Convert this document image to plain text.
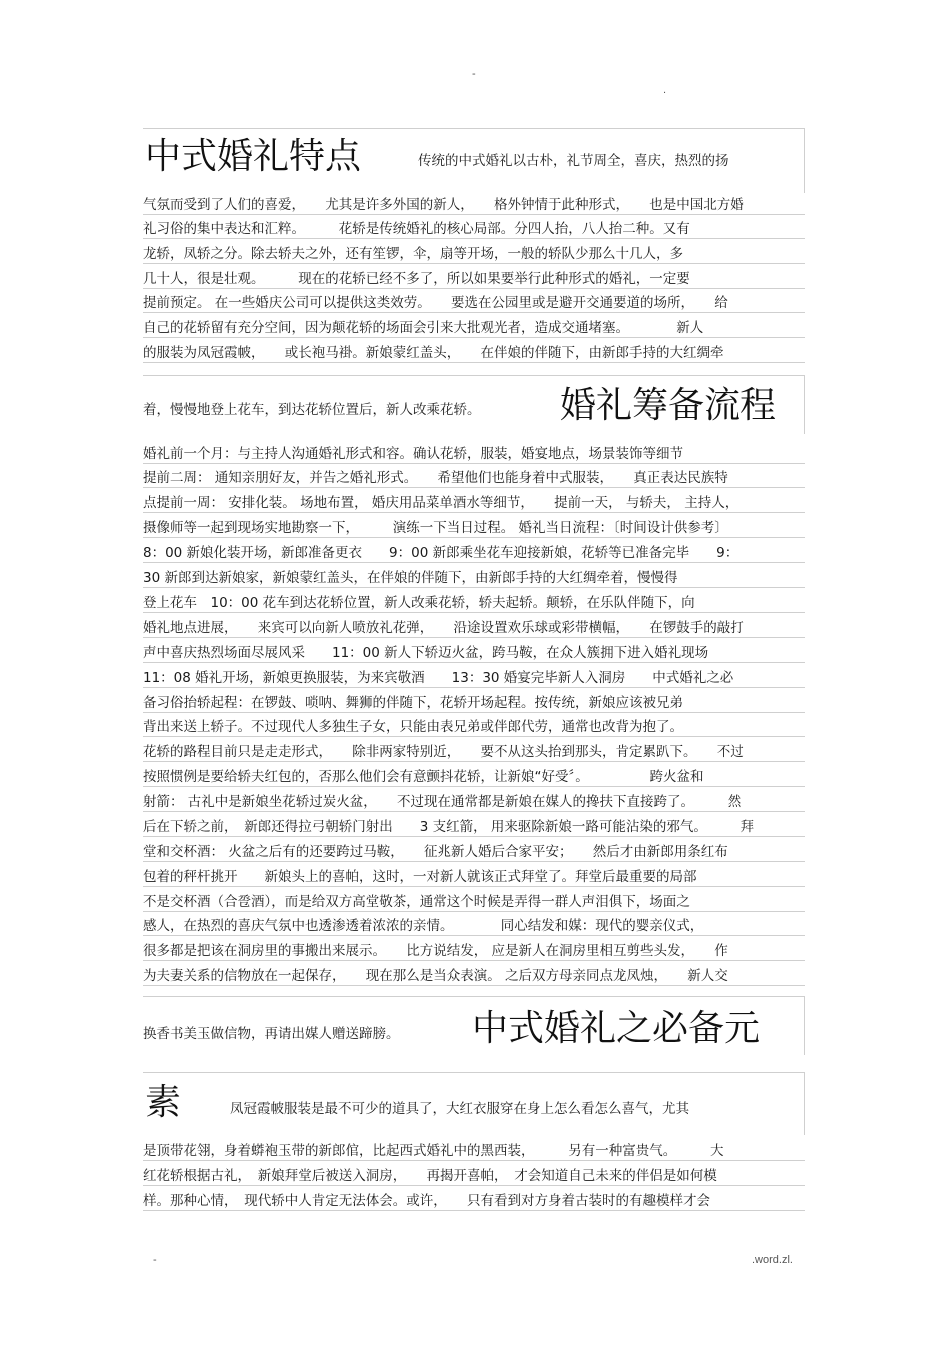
-
.
中式婚礼特点	传统的中式婚礼以古朴，礼节周全，喜庆，热烈的扬
气氛而受到了人们的喜爱，　　尤其是许多外国的新人，　　格外钟情于此种形式，　　也是中国北方婚
礼习俗的集中表达和汇粹。　　　花轿是传统婚礼的核心局部。分四人抬，八人抬二种。又有
龙轿，凤轿之分。除去轿夫之外，还有笙锣，伞，扇等开场，一般的轿队少那么十几人，多
几十人，很是壮观。　　　现在的花轿已经不多了，所以如果要举行此种形式的婚礼，一定要
提前预定。 在一些婚庆公司可以提供这类效劳。　　要选在公园里或是避开交通要道的场所，　　给
自己的花轿留有充分空间，因为颠花轿的场面会引来大批观光者，造成交通堵塞。　　　　新人
的服装为凤冠霞帔，　　或长袍马褂。新娘蒙红盖头，　　在伴娘的伴随下，由新郎手持的大红绸牵
着，慢慢地登上花车，到达花轿位置后，新人改乘花轿。	婚礼筹备流程
婚礼前一个月：与主持人沟通婚礼形式和容。确认花轿，服装，婚宴地点，场景装饰等细节
提前二周： 通知亲朋好友，并告之婚礼形式。　　希望他们也能身着中式服装，　　真正表达民族特
点提前一周： 安排化装。 场地布置， 婚庆用品菜单酒水等细节，　　提前一天， 与轿夫， 主持人，
摄像师等一起到现场实地勘察一下，　　　演练一下当日过程。 婚礼当日流程：〔时间设计供参考〕
8：00 新娘化装开场，新郎准备更衣　　9：00 新郎乘坐花车迎接新娘，花轿等已准备完毕　　9：
30 新郎到达新娘家，新娘蒙红盖头，在伴娘的伴随下，由新郎手持的大红绸牵着，慢慢得
登上花车　10：00 花车到达花轿位置，新人改乘花轿，轿夫起轿。颠轿，在乐队伴随下，向
婚礼地点进展，　　来宾可以向新人喷放礼花弹，　　沿途设置欢乐球或彩带横幅，　　在锣鼓手的敲打
声中喜庆热烈场面尽展风采　　11：00 新人下轿迈火盆，跨马鞍，在众人簇拥下进入婚礼现场
11：08 婚礼开场，新娘更换服装，为来宾敬酒　　13：30 婚宴完毕新人入洞房　　中式婚礼之必
备习俗抬轿起程：在锣鼓、唢呐、舞狮的伴随下，花轿开场起程。按传统，新娘应该被兄弟
背出来送上轿子。不过现代人多独生子女，只能由表兄弟或伴郎代劳，通常也改背为抱了。
花轿的路程目前只是走走形式，　　除非两家特别近，　　要不从这头抬到那头，肯定累趴下。　　不过
按照惯例是要给轿夫红包的，否那么他们会有意颤抖花轿，让新娘“好受〞。　　　　　跨火盆和
射箭： 古礼中是新娘坐花轿过炭火盆，　　不过现在通常都是新娘在媒人的搀扶下直接跨了。　　　然
后在下轿之前，　新郎还得拉弓朝轿门射出　　3 支红箭， 用来驱除新娘一路可能沾染的邪气。　　　拜
堂和交杯酒： 火盆之后有的还要跨过马鞍，　　征兆新人婚后合家平安；　　然后才由新郎用条红布
包着的秤杆挑开　　新娘头上的喜帕，这时，一对新人就该正式拜堂了。拜堂后最重要的局部
不是交杯酒（合卺酒），而是给双方高堂敬茶，通常这个时候是弄得一群人声泪俱下，场面之
感人，在热烈的喜庆气氛中也透渗透着浓浓的亲情。　　　　同心结发和媒：现代的婴亲仪式，
很多都是把该在洞房里的事搬出来展示。　　比方说结发， 应是新人在洞房里相互剪些头发，　　作
为夫妻关系的信物放在一起保存，　　现在那么是当众表演。 之后双方母亲同点龙凤烛，　　新人交
换香书美玉做信物，再请出媒人赠送蹄膀。	中式婚礼之必备元
素	凤冠霞帔服装是最不可少的道具了，大红衣服穿在身上怎么看怎么喜气，尤其
是顶带花翎，身着蟒袍玉带的新郎倌，比起西式婚礼中的黑西装，　　　另有一种富贵气。　　　大
红花轿根据古礼，　新娘拜堂后被送入洞房，　　再揭开喜帕，　才会知道自己未来的伴侣是如何模
样。那种心情，　现代轿中人肯定无法体会。或许，　　只有看到对方身着古装时的有趣模样才会
-	.word.zl.
